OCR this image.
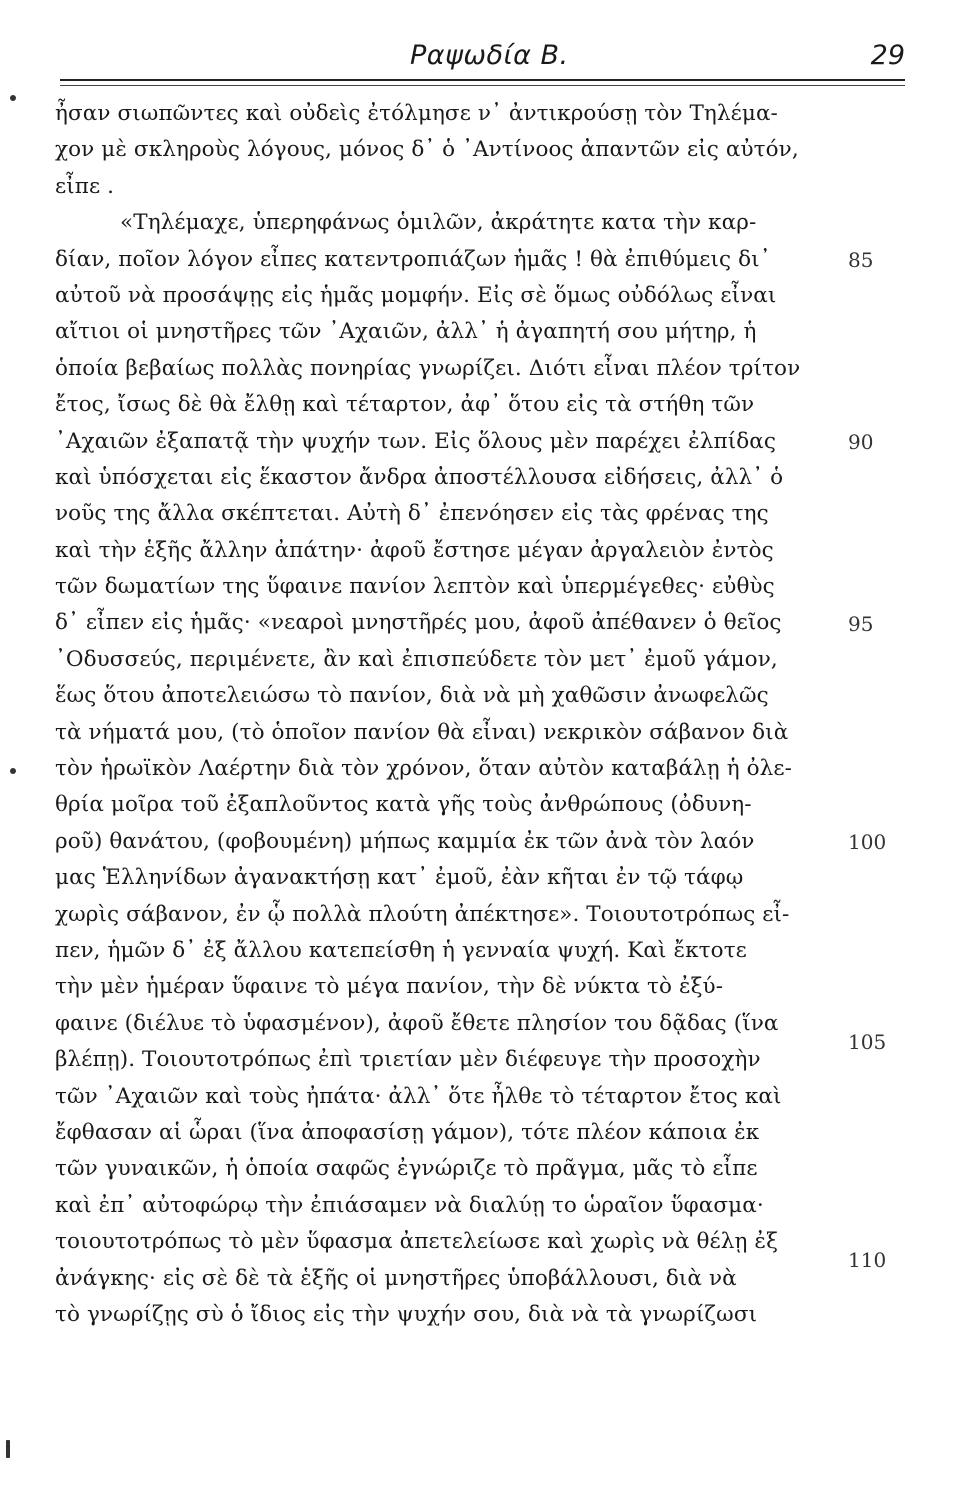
Ραψωδία Β.	29
ἦσαν σιωπῶντες καὶ οὐδεὶς ἐτόλμησε ν᾽ ἀντικρούσῃ τὸν Τηλέμα-
χον μὲ σκληροὺς λόγους, μόνος δ᾽ ὁ ᾿Αντίνοος ἀπαντῶν εἰς αὐτόν,
εἶπε .
«Τηλέμαχε, ὑπερηφάνως ὁμιλῶν, ἀκράτητε κατα τὴν καρ-
δίαν, ποῖον λόγον εἶπες κατεντροπιάζων ἡμᾶς ! θὰ ἐπιθύμεις δι᾽
αὐτοῦ νὰ προσάψῃς εἰς ἡμᾶς μομφήν. Εἰς σὲ ὅμως οὐδόλως εἶναι
αἴτιοι οἱ μνηστῆρες τῶν ᾿Αχαιῶν, ἀλλ᾽ ἡ ἀγαπητή σου μήτηρ, ἡ
ὁποία βεβαίως πολλὰς πονηρίας γνωρίζει. Διότι εἶναι πλέον τρίτον
ἔτος, ἴσως δὲ θὰ ἔλθῃ καὶ τέταρτον, ἀφ᾽ ὅτου εἰς τὰ στήθη τῶν
᾿Αχαιῶν ἐξαπατᾷ τὴν ψυχήν των. Εἰς ὅλους μὲν παρέχει ἐλπίδας
καὶ ὑπόσχεται εἰς ἕκαστον ἄνδρα ἀποστέλλουσα εἰδήσεις, ἀλλ᾽ ὁ
νοῦς της ἄλλα σκέπτεται. Αὐτὴ δ᾽ ἐπενόησεν εἰς τὰς φρένας της
καὶ τὴν ἑξῆς ἄλλην ἀπάτην· ἀφοῦ ἔστησε μέγαν ἀργαλειὸν ἐντὸς
τῶν δωματίων της ὕφαινε πανίον λεπτὸν καὶ ὑπερμέγεθες· εὐθὺς
δ᾽ εἶπεν εἰς ἡμᾶς· «νεαροὶ μνηστῆρές μου, ἀφοῦ ἀπέθανεν ὁ θεῖος
᾿Οδυσσεύς, περιμένετε, ἂν καὶ ἐπισπεύδετε τὸν μετ᾽ ἐμοῦ γάμον,
ἕως ὅτου ἀποτελειώσω τὸ πανίον, διὰ νὰ μὴ χαθῶσιν ἀνωφελῶς
τὰ νήματά μου, (τὸ ὁποῖον πανίον θὰ εἶναι) νεκρικὸν σάβανον διὰ
τὸν ἡρωϊκὸν Λαέρτην διὰ τὸν χρόνον, ὅταν αὐτὸν καταβάλῃ ἡ ὀλε-
θρία μοῖρα τοῦ ἐξαπλοῦντος κατὰ γῆς τοὺς ἀνθρώπους (ὀδυνη-
ροῦ) θανάτου, (φοβουμένη) μήπως καμμία ἐκ τῶν ἀνὰ τὸν λαόν
μας Ἑλληνίδων ἀγανακτήσῃ κατ᾽ ἐμοῦ, ἐὰν κῆται ἐν τῷ τάφῳ
χωρὶς σάβανον, ἐν ᾧ πολλὰ πλούτη ἀπέκτησε». Τοιουτοτρόπως εἶ-
πεν, ἡμῶν δ᾽ ἐξ ἄλλου κατεπείσθη ἡ γενναία ψυχή. Καὶ ἔκτοτε
τὴν μὲν ἡμέραν ὕφαινε τὸ μέγα πανίον, τὴν δὲ νύκτα τὸ ἐξύ-
φαινε (διέλυε τὸ ὑφασμένον), ἀφοῦ ἔθετε πλησίον του δᾷδας (ἵνα
βλέπῃ). Τοιουτοτρόπως ἐπὶ τριετίαν μὲν διέφευγε τὴν προσοχὴν
τῶν ᾿Αχαιῶν καὶ τοὺς ἠπάτα· ἀλλ᾽ ὅτε ἦλθε τὸ τέταρτον ἔτος καὶ
ἔφθασαν αἱ ὧραι (ἵνα ἀποφασίσῃ γάμον), τότε πλέον κάποια ἐκ
τῶν γυναικῶν, ἡ ὁποία σαφῶς ἐγνώριζε τὸ πρᾶγμα, μᾶς τὸ εἶπε
καὶ ἐπ᾽ αὐτοφώρῳ τὴν ἐπιάσαμεν νὰ διαλύῃ το ὡραῖον ὕφασμα·
τοιουτοτρόπως τὸ μὲν ὕφασμα ἀπετελείωσε καὶ χωρὶς νὰ θέλῃ ἐξ
ἀνάγκης· εἰς σὲ δὲ τὰ ἑξῆς οἱ μνηστῆρες ὑποβάλλουσι, διὰ νὰ
τὸ γνωρίζῃς σὺ ὁ ἴδιος εἰς τὴν ψυχήν σου, διὰ νὰ τὰ γνωρίζωσι
85
90
95
100
105
110
